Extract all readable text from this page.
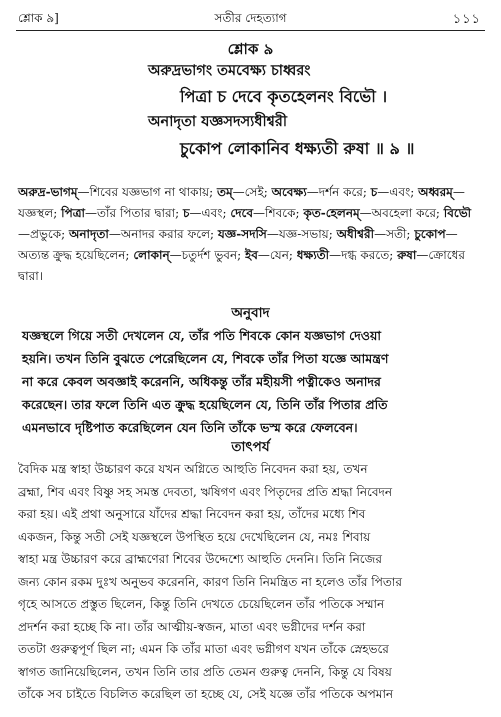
শ্লোক ৯]	সতীর দেহত্যাগ	১১১
শ্লোক ৯
অরুদ্রভাগং তমবেক্ষ্য চাধ্বরং
পিত্রা চ দেবে কৃতহেলনং বিভৌ ।
অনাদৃতা যজ্ঞসদস্যধীশ্বরী
চুকোপ লোকানিব ধক্ষ্যতী রুষা ॥ ৯ ॥
অরুদ্র-ভাগম্—শিবের যজ্ঞভাগ না থাকায়; তম্—সেই; অবেক্ষ্য—দর্শন করে; চ—এবং; অধ্বরম্—যজ্ঞস্থল; পিত্রা—তাঁর পিতার দ্বারা; চ—এবং; দেবে—শিবকে; কৃত-হেলনম্—অবহেলা করে; বিভৌ—প্রভুকে; অনাদৃতা—অনাদর করার ফলে; যজ্ঞ-সদসি—যজ্ঞ-সভায়; অধীশ্বরী—সতী; চুকোপ—অত্যন্ত ক্রুদ্ধ হয়েছিলেন; লোকান্—চতুর্দশ ভুবন; ইব—যেন; ধক্ষ্যতী—দগ্ধ করতে; রুষা—ক্রোধের দ্বারা।
অনুবাদ
যজ্ঞস্থলে গিয়ে সতী দেখলেন যে, তাঁর পতি শিবকে কোন যজ্ঞভাগ দেওয়া
হয়নি। তখন তিনি বুঝতে পেরেছিলেন যে, শিবকে তাঁর পিতা যজ্ঞে আমন্ত্রণ
না করে কেবল অবজ্ঞাই করেননি, অধিকন্তু তাঁর মহীয়সী পত্নীকেও অনাদর
করেছেন। তার ফলে তিনি এত ক্রুদ্ধ হয়েছিলেন যে, তিনি তাঁর পিতার প্রতি
এমনভাবে দৃষ্টিপাত করেছিলেন যেন তিনি তাঁকে ভস্ম করে ফেলবেন।
তাৎপর্য
বৈদিক মন্ত্র স্বাহা উচ্চারণ করে যখন অগ্নিতে আহুতি নিবেদন করা হয়, তখন
ব্রহ্মা, শিব এবং বিষ্ণু সহ সমস্ত দেবতা, ঋষিগণ এবং পিতৃদের প্রতি শ্রদ্ধা নিবেদন
করা হয়। এই প্রথা অনুসারে যাঁদের শ্রদ্ধা নিবেদন করা হয়, তাঁদের মধ্যে শিব
একজন, কিন্তু সতী সেই যজ্ঞস্থলে উপস্থিত হয়ে দেখেছিলেন যে, নমঃ শিবায়
স্বাহা মন্ত্র উচ্চারণ করে ব্রাহ্মণেরা শিবের উদ্দেশ্যে আহুতি দেননি। তিনি নিজের
জন্য কোন রকম দুঃখ অনুভব করেননি, কারণ তিনি নিমন্ত্রিত না হলেও তাঁর পিতার
গৃহে আসতে প্রস্তুত ছিলেন, কিন্তু তিনি দেখতে চেয়েছিলেন তাঁর পতিকে সম্মান
প্রদর্শন করা হচ্ছে কি না। তাঁর আত্মীয়-স্বজন, মাতা এবং ভগ্নীদের দর্শন করা
ততটা গুরুত্বপূর্ণ ছিল না; এমন কি তাঁর মাতা এবং ভগ্নীগণ যখন তাঁকে স্নেহভরে
স্বাগত জানিয়েছিলেন, তখন তিনি তার প্রতি তেমন গুরুত্ব দেননি, কিন্তু যে বিষয়
তাঁকে সব চাইতে বিচলিত করেছিল তা হচ্ছে যে, সেই যজ্ঞে তাঁর পতিকে অপমান
